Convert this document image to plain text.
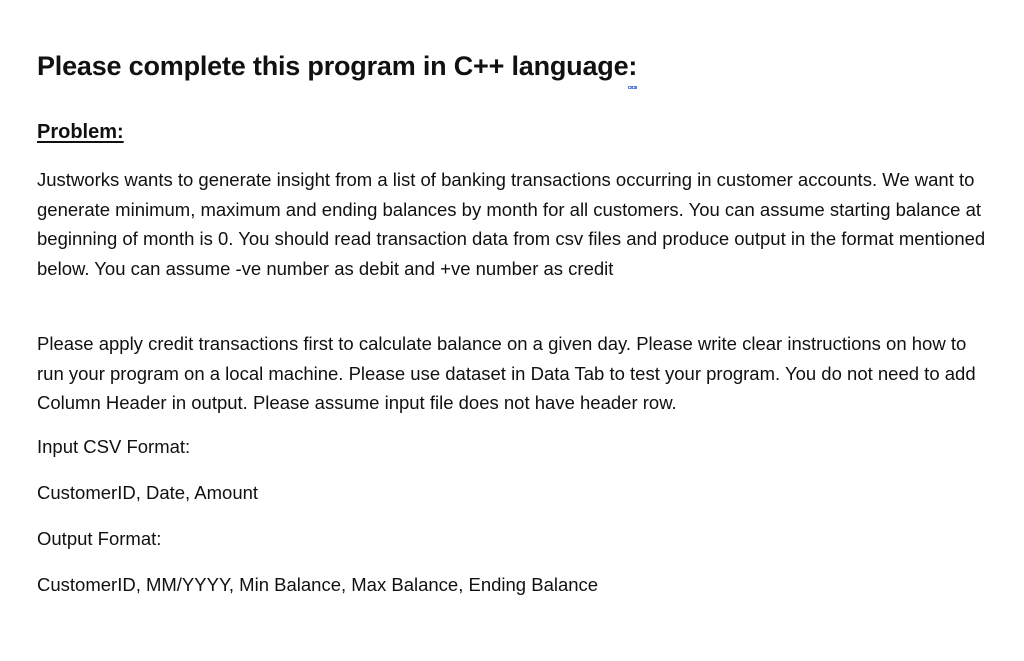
Please complete this program in C++ language:
Problem:

Justworks wants to generate insight from a list of banking transactions occurring in customer accounts. We want to generate minimum, maximum and ending balances by month for all customers. You can assume starting balance at beginning of month is 0. You should read transaction data from csv files and produce output in the format mentioned below. You can assume -ve number as debit and +ve number as credit

Please apply credit transactions first to calculate balance on a given day. Please write clear instructions on how to run your program on a local machine. Please use dataset in Data Tab to test your program. You do not need to add Column Header in output. Please assume input file does not have header row.

Input CSV Format:

CustomerID, Date, Amount

Output Format:

CustomerID, MM/YYYY, Min Balance, Max Balance, Ending Balance
